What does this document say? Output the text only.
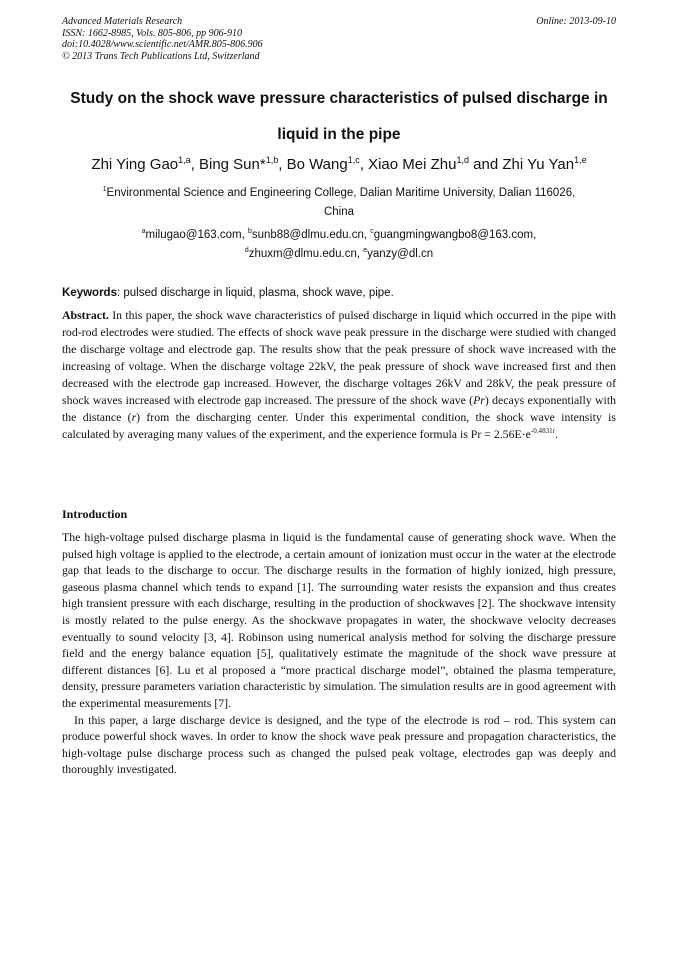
Advanced Materials Research
ISSN: 1662-8985, Vols. 805-806, pp 906-910
doi:10.4028/www.scientific.net/AMR.805-806.906
© 2013 Trans Tech Publications Ltd, Switzerland
Online: 2013-09-10
Study on the shock wave pressure characteristics of pulsed discharge in
liquid in the pipe
Zhi Ying Gao$^{1,a}$, Bing Sun*$^{1,b}$, Bo Wang$^{1,c}$, Xiao Mei Zhu$^{1,d}$ and Zhi Yu Yan$^{1,e}$
$^1$Environmental Science and Engineering College, Dalian Maritime University, Dalian 116026,
China
$^a$milugao@163.com, $^b$sunb88@dlmu.edu.cn, $^c$guangmingwangbo8@163.com,
$^d$zhuxm@dlmu.edu.cn, $^e$yanzy@dl.cn
Keywords: pulsed discharge in liquid, plasma, shock wave, pipe.

Abstract. In this paper, the shock wave characteristics of pulsed discharge in liquid which occurred in the pipe with rod-rod electrodes were studied. The effects of shock wave peak pressure in the discharge were studied with changed the discharge voltage and electrode gap. The results show that the peak pressure of shock wave increased with the increasing of voltage. When the discharge voltage 22kV, the peak pressure of shock wave increased first and then decreased with the electrode gap increased. However, the discharge voltages 26kV and 28kV, the peak pressure of shock waves increased with electrode gap increased. The pressure of the shock wave (Pr) decays exponentially with the distance (r) from the discharging center. Under this experimental condition, the shock wave intensity is calculated by averaging many values of the experiment, and the experience formula is $Pr = 2.56E\cdot e^{-0.4831r}$.

Introduction

The high-voltage pulsed discharge plasma in liquid is the fundamental cause of generating shock wave. When the pulsed high voltage is applied to the electrode, a certain amount of ionization must occur in the water at the electrode gap that leads to the discharge to occur. The discharge results in the formation of highly ionized, high pressure, gaseous plasma channel which tends to expand [1]. The surrounding water resists the expansion and thus creates high transient pressure with each discharge, resulting in the production of shockwaves [2]. The shockwave intensity is mostly related to the pulse energy. As the shockwave propagates in water, the shockwave velocity decreases eventually to sound velocity [3, 4]. Robinson using numerical analysis method for solving the discharge pressure field and the energy balance equation [5], qualitatively estimate the magnitude of the shock wave pressure at different distances [6]. Lu et al proposed a “more practical discharge model”, obtained the plasma temperature, density, pressure parameters variation characteristic by simulation. The simulation results are in good agreement with the experimental measurements [7].

In this paper, a large discharge device is designed, and the type of the electrode is rod – rod. This system can produce powerful shock waves. In order to know the shock wave peak pressure and propagation characteristics, the high-voltage pulse discharge process such as changed the pulsed peak voltage, electrodes gap was deeply and thoroughly investigated.
